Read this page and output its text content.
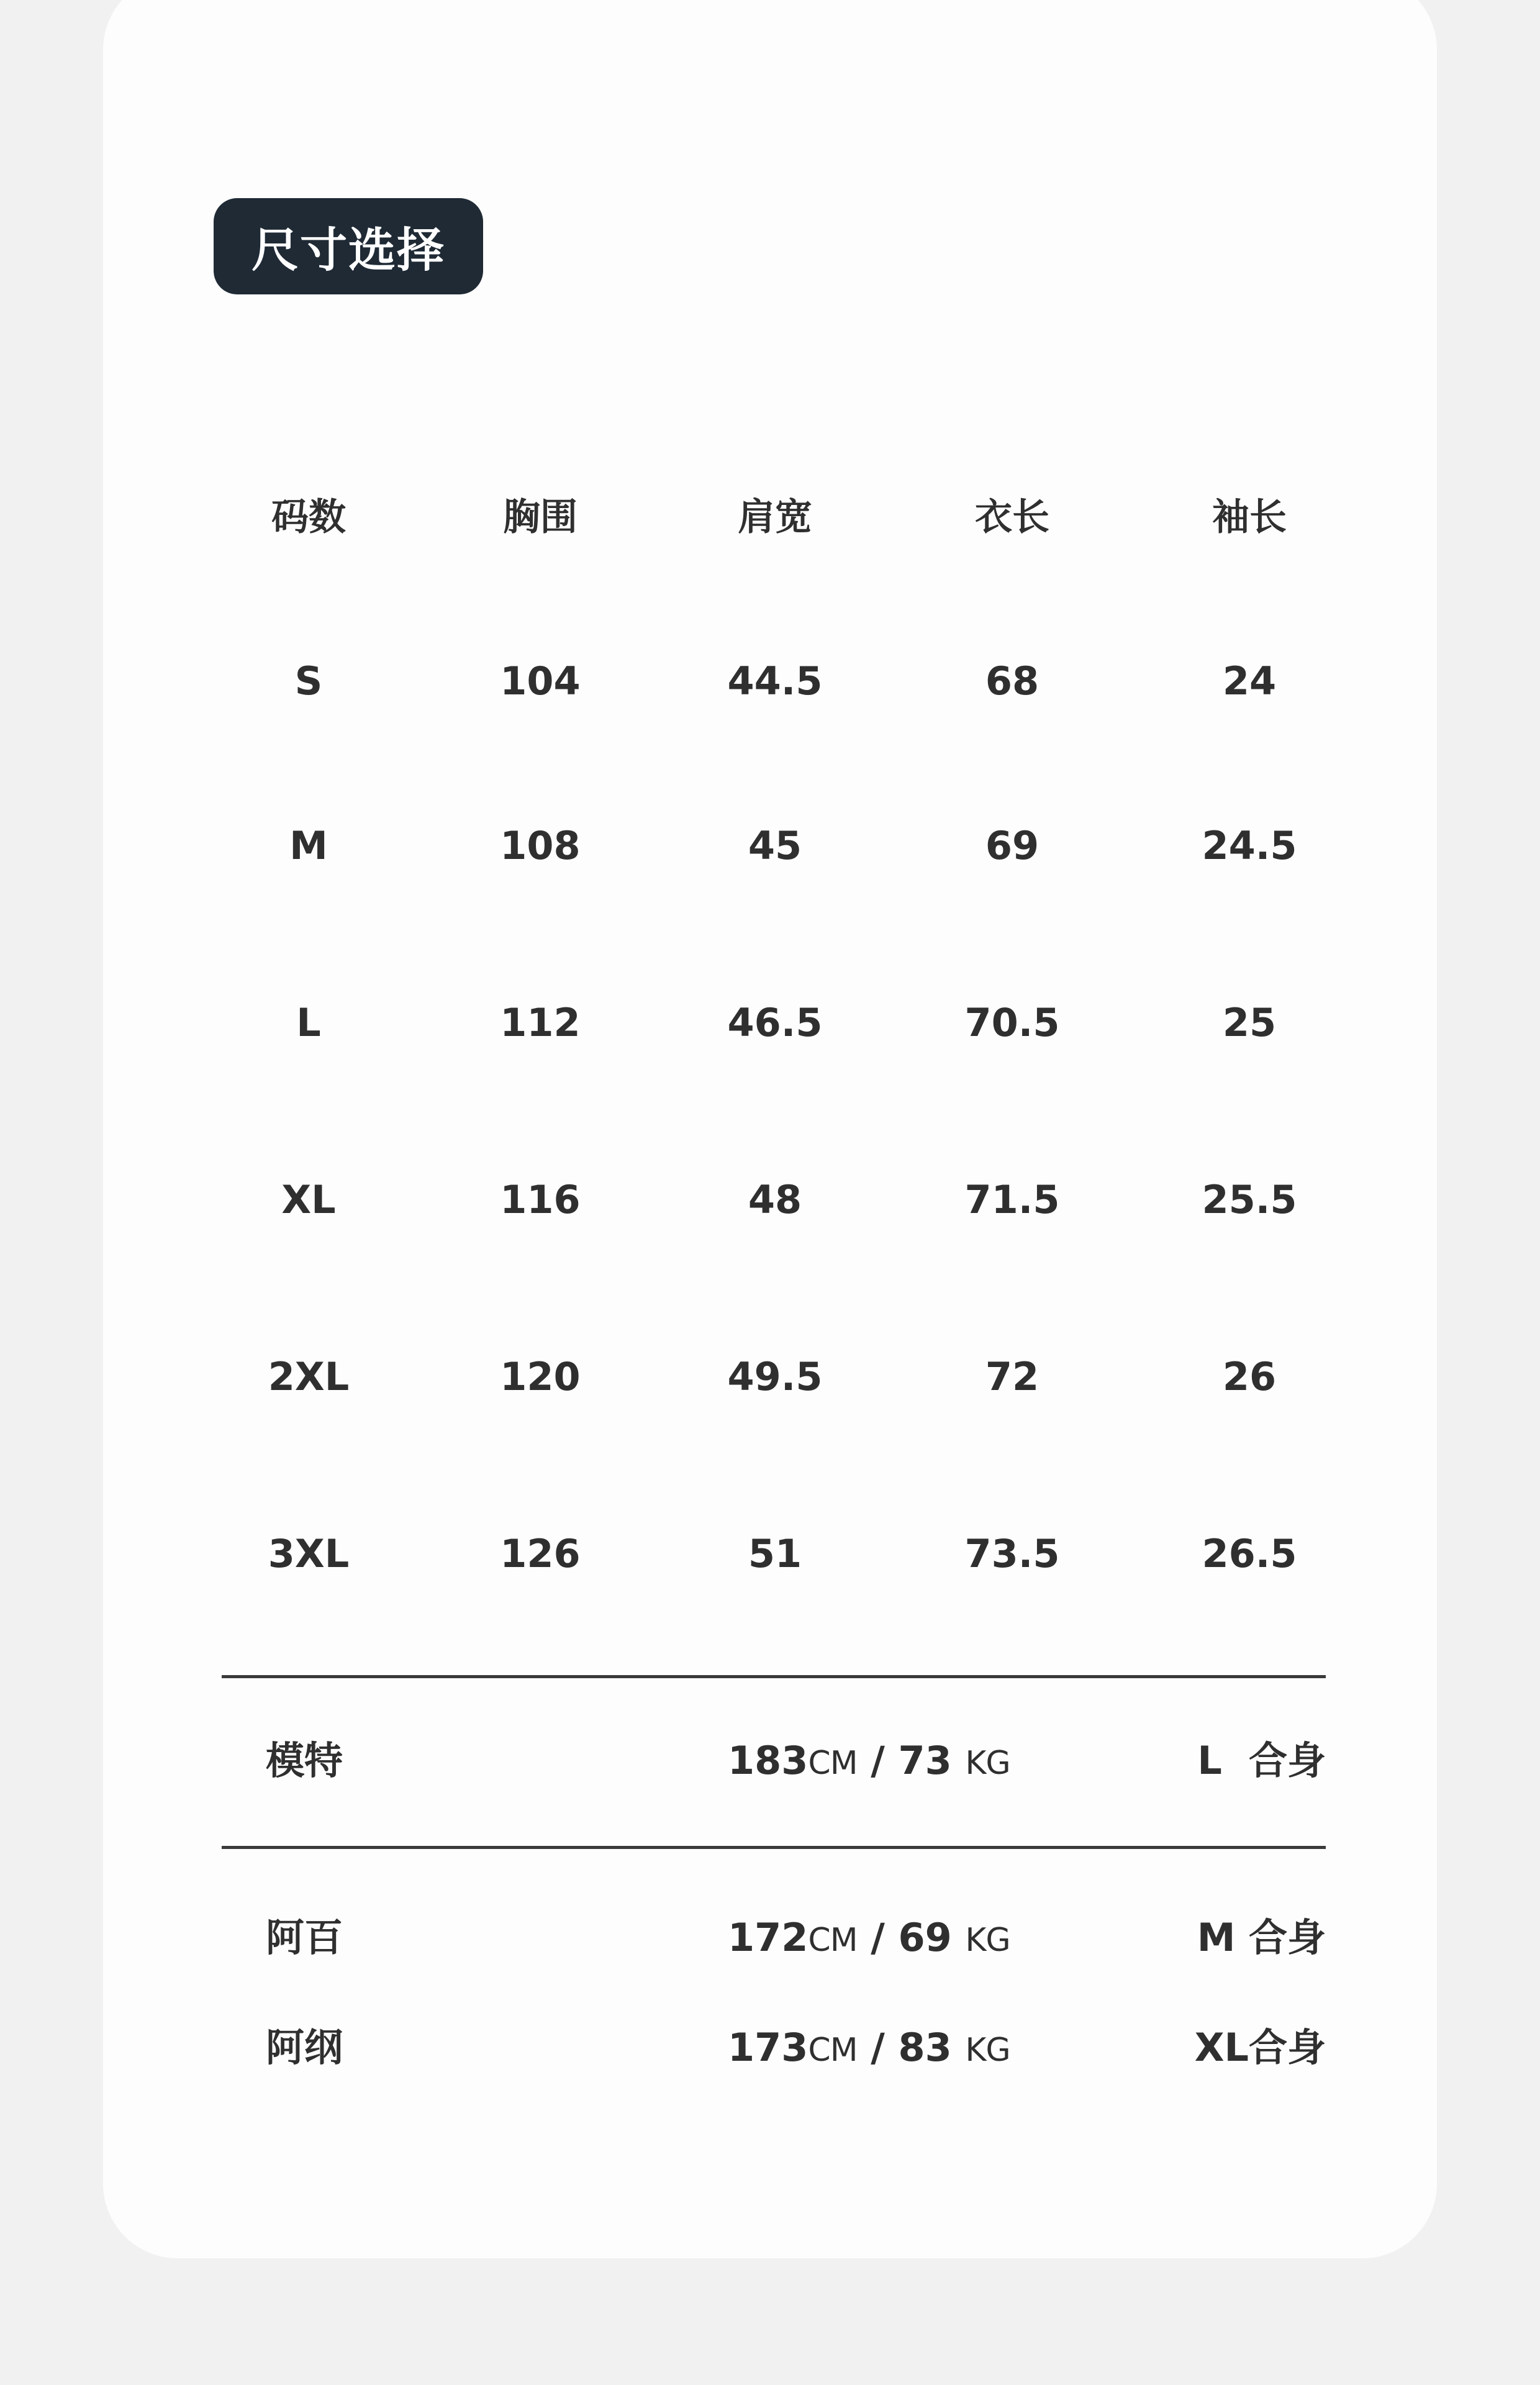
尺寸选择
码数	胸围	肩宽	衣长	袖长
S	104	44.5	68	24
M	108	45	69	24.5
L	112	46.5	70.5	25
XL	116	48	71.5	25.5
2XL	120	49.5	72	26
3XL	126	51	73.5	26.5
模特	183CM / 73 KG	L  合身
阿百	172CM / 69 KG	M 合身
阿纲	173CM / 83 KG	XL合身
